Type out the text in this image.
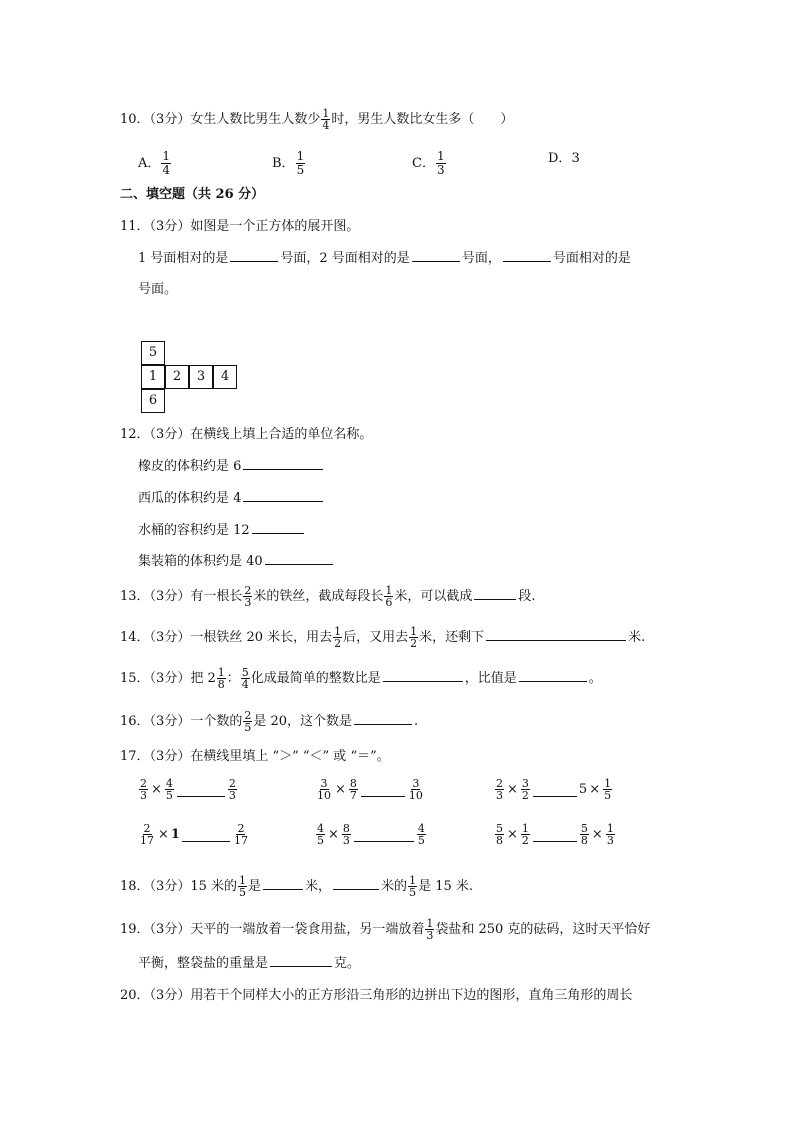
10．（3分）女生人数比男生人数少 $\frac{1}{4}$ 时，男生人数比女生多（　　）
A． $\frac{1}{4}$	B． $\frac{1}{5}$	C． $\frac{1}{3}$	D．3
二、填空题（共 26 分）
11．（3分）如图是一个正方体的展开图。
1 号面相对的是	号面，2 号面相对的是	号面，	号面相对的是
号面。
5
1	2	3	4
6
12．（3分）在横线上填上合适的单位名称。
橡皮的体积约是 6
西瓜的体积约是 4
水桶的容积约是 12
集装箱的体积约是 40
13．（3分）有一根长 $\frac{2}{3}$ 米的铁丝，截成每段长 $\frac{1}{6}$ 米，可以截成	段.
14．（3分）一根铁丝 20 米长，用去 $\frac{1}{2}$ 后，又用去 $\frac{1}{2}$ 米，还剩下	米.
15．（3分）把 $2 \frac{1}{8}$ ： $\frac{5}{4}$ 化成最简单的整数比是	，比值是	。
16．（3分）一个数的 $\frac{2}{5}$ 是 20，这个数是	.
17．（3分）在横线里填上 “＞” “＜” 或 “＝”。
$\frac{2}{3} \times \frac{4}{5}$	$\frac{2}{3}$	$\frac{3}{10} \times \frac{8}{7}$	$\frac{3}{10}$	$\frac{2}{3} \times \frac{3}{2}$	$5 \times \frac{1}{5}$
$\frac{2}{17} \times 1$	$\frac{2}{17}$	$\frac{4}{5} \times \frac{8}{3}$	$\frac{4}{5}$	$\frac{5}{8} \times \frac{1}{2}$	$\frac{5}{8} \times \frac{1}{3}$
18．（3分）15 米的 $\frac{1}{5}$ 是	米，	米的 $\frac{1}{5}$ 是 15 米.
19．（3分）天平的一端放着一袋食用盐，另一端放着 $\frac{1}{3}$ 袋盐和 250 克的砝码，这时天平恰好
平衡，整袋盐的重量是	克。
20．（3分）用若干个同样大小的正方形沿三角形的边拼出下边的图形，直角三角形的周长
